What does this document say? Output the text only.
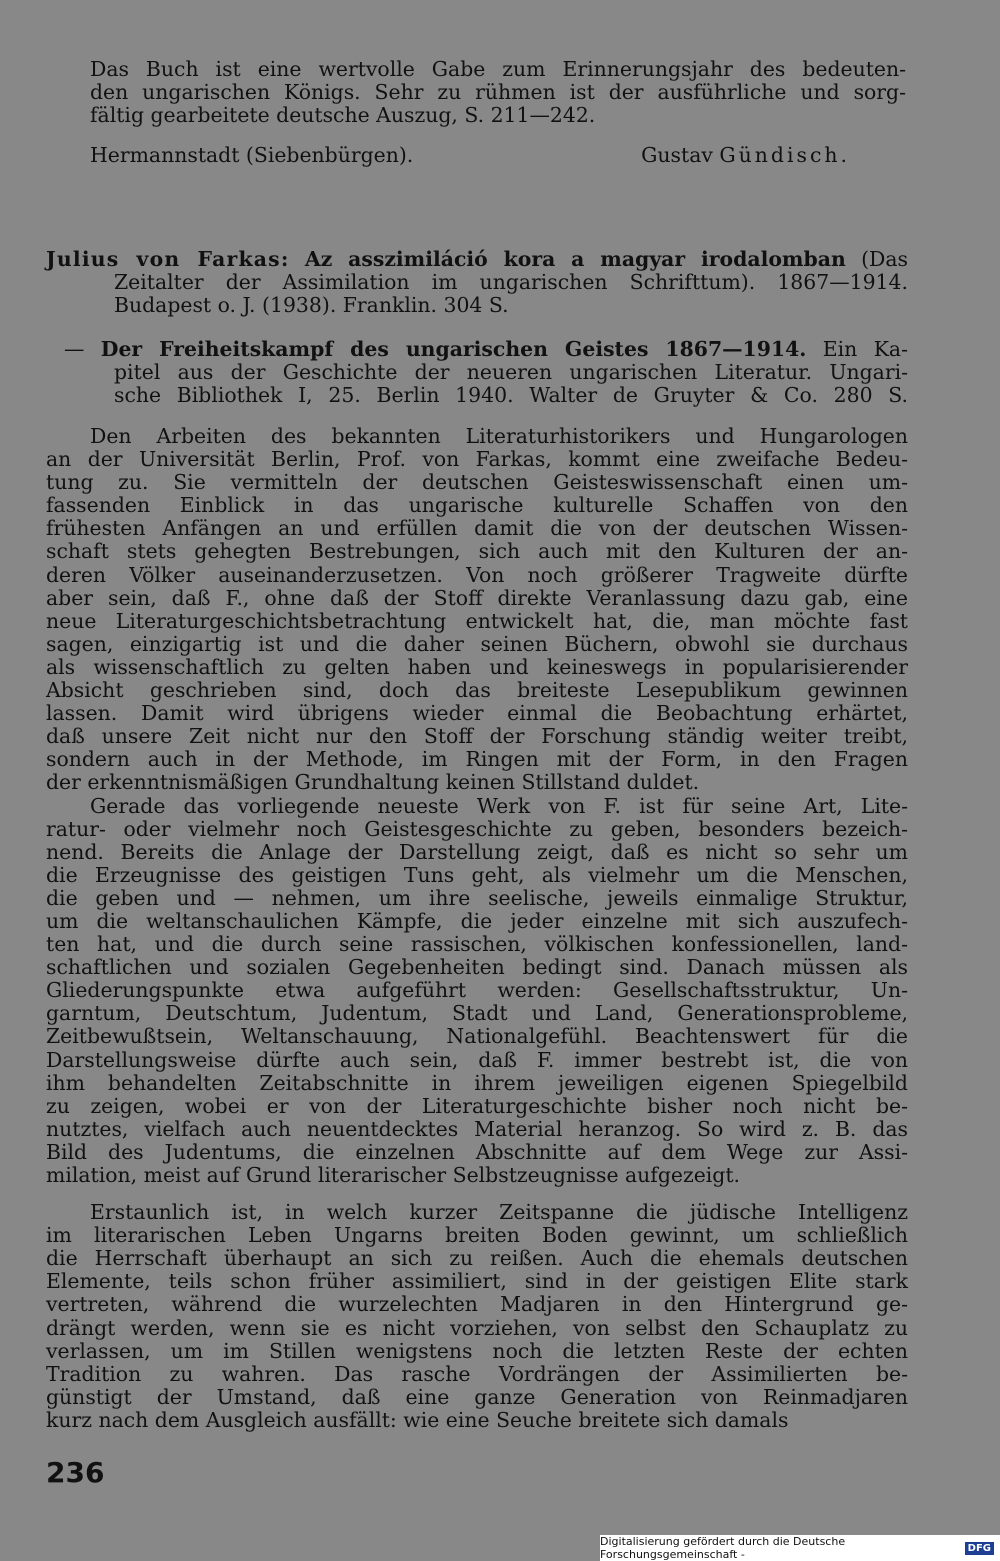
Das Buch ist eine wertvolle Gabe zum Erinnerungsjahr des bedeuten-
den ungarischen Königs. Sehr zu rühmen ist der ausführliche und sorg-
fältig gearbeitete deutsche Auszug, S. 211—242.
Hermannstadt (Siebenbürgen).	Gustav Gündisch.
Julius von Farkas: Az asszimiláció kora a magyar irodalomban (Das
Zeitalter der Assimilation im ungarischen Schrifttum). 1867—1914.
Budapest o. J. (1938). Franklin. 304 S.
— Der Freiheitskampf des ungarischen Geistes 1867—1914. Ein Ka-
pitel aus der Geschichte der neueren ungarischen Literatur. Ungari-
sche Bibliothek I, 25. Berlin 1940. Walter de Gruyter & Co. 280 S.
Den Arbeiten des bekannten Literaturhistorikers und Hungarologen
an der Universität Berlin, Prof. von Farkas, kommt eine zweifache Bedeu-
tung zu. Sie vermitteln der deutschen Geisteswissenschaft einen um-
fassenden Einblick in das ungarische kulturelle Schaffen von den
frühesten Anfängen an und erfüllen damit die von der deutschen Wissen-
schaft stets gehegten Bestrebungen, sich auch mit den Kulturen der an-
deren Völker auseinanderzusetzen. Von noch größerer Tragweite dürfte
aber sein, daß F., ohne daß der Stoff direkte Veranlassung dazu gab, eine
neue Literaturgeschichtsbetrachtung entwickelt hat, die, man möchte fast
sagen, einzigartig ist und die daher seinen Büchern, obwohl sie durchaus
als wissenschaftlich zu gelten haben und keineswegs in popularisierender
Absicht geschrieben sind, doch das breiteste Lesepublikum gewinnen
lassen. Damit wird übrigens wieder einmal die Beobachtung erhärtet,
daß unsere Zeit nicht nur den Stoff der Forschung ständig weiter treibt,
sondern auch in der Methode, im Ringen mit der Form, in den Fragen
der erkenntnismäßigen Grundhaltung keinen Stillstand duldet.
Gerade das vorliegende neueste Werk von F. ist für seine Art, Lite-
ratur- oder vielmehr noch Geistesgeschichte zu geben, besonders bezeich-
nend. Bereits die Anlage der Darstellung zeigt, daß es nicht so sehr um
die Erzeugnisse des geistigen Tuns geht, als vielmehr um die Menschen,
die geben und — nehmen, um ihre seelische, jeweils einmalige Struktur,
um die weltanschaulichen Kämpfe, die jeder einzelne mit sich auszufech-
ten hat, und die durch seine rassischen, völkischen konfessionellen, land-
schaftlichen und sozialen Gegebenheiten bedingt sind. Danach müssen als
Gliederungspunkte etwa aufgeführt werden: Gesellschaftsstruktur, Un-
garntum, Deutschtum, Judentum, Stadt und Land, Generationsprobleme,
Zeitbewußtsein, Weltanschauung, Nationalgefühl. Beachtenswert für die
Darstellungsweise dürfte auch sein, daß F. immer bestrebt ist, die von
ihm behandelten Zeitabschnitte in ihrem jeweiligen eigenen Spiegelbild
zu zeigen, wobei er von der Literaturgeschichte bisher noch nicht be-
nutztes, vielfach auch neuentdecktes Material heranzog. So wird z. B. das
Bild des Judentums, die einzelnen Abschnitte auf dem Wege zur Assi-
milation, meist auf Grund literarischer Selbstzeugnisse aufgezeigt.
Erstaunlich ist, in welch kurzer Zeitspanne die jüdische Intelligenz
im literarischen Leben Ungarns breiten Boden gewinnt, um schließlich
die Herrschaft überhaupt an sich zu reißen. Auch die ehemals deutschen
Elemente, teils schon früher assimiliert, sind in der geistigen Elite stark
vertreten, während die wurzelechten Madjaren in den Hintergrund ge-
drängt werden, wenn sie es nicht vorziehen, von selbst den Schauplatz zu
verlassen, um im Stillen wenigstens noch die letzten Reste der echten
Tradition zu wahren. Das rasche Vordrängen der Assimilierten be-
günstigt der Umstand, daß eine ganze Generation von Reinmadjaren
kurz nach dem Ausgleich ausfällt: wie eine Seuche breitete sich damals
236
Digitalisierung gefördert durch die Deutsche Forschungsgemeinschaft -	DFG
